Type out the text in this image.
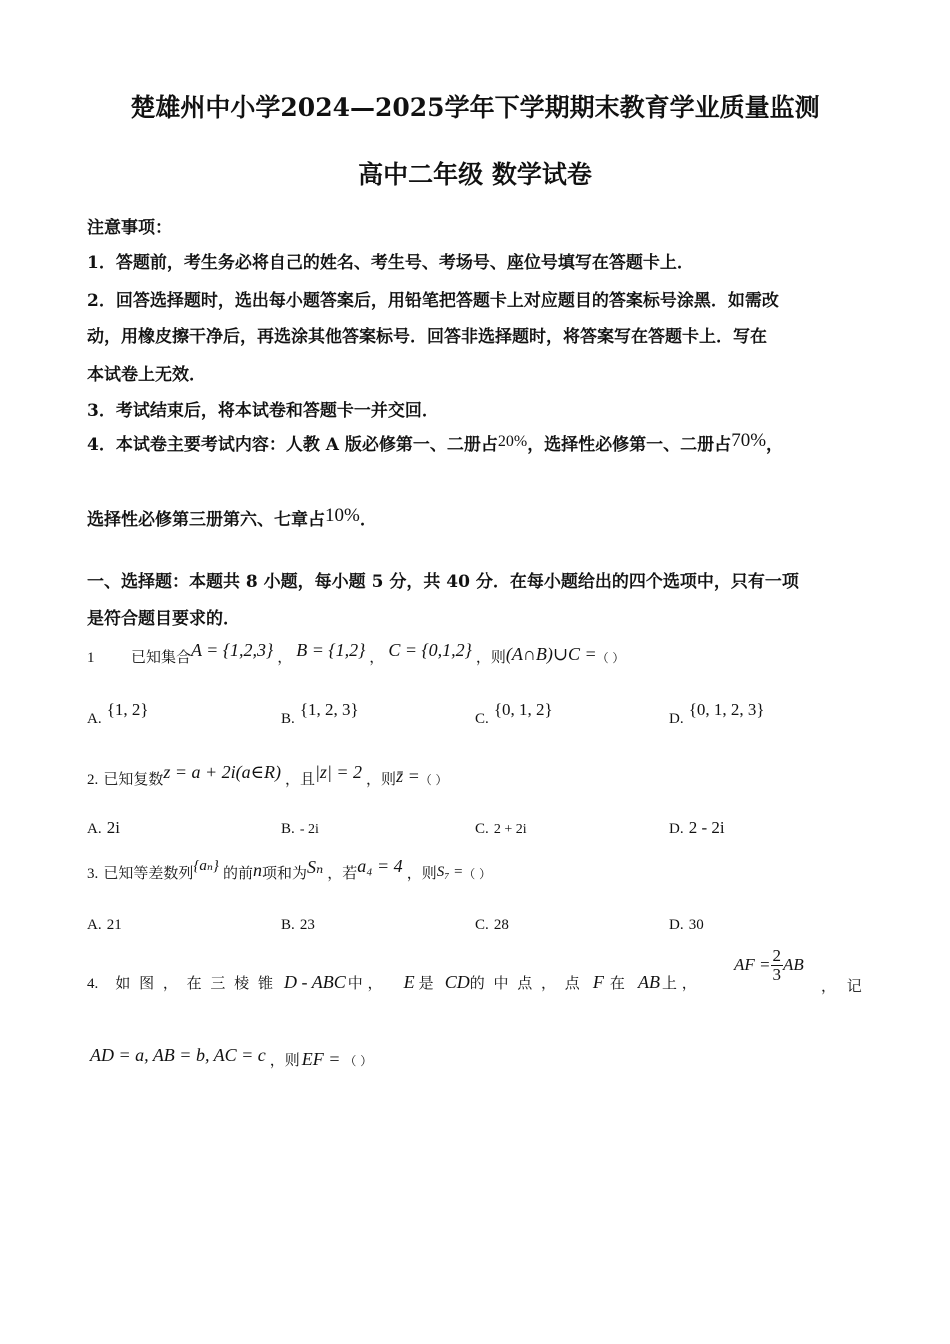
楚雄州中小学2024—2025学年下学期期末教育学业质量监测
高中二年级 数学试卷
注意事项：
1．答题前，考生务必将自己的姓名、考生号、考场号、座位号填写在答题卡上．
2．回答选择题时，选出每小题答案后，用铅笔把答题卡上对应题目的答案标号涂黑．如需改
动，用橡皮擦干净后，再选涂其他答案标号．回答非选择题时，将答案写在答题卡上．写在
本试卷上无效．
3．考试结束后，将本试卷和答题卡一并交回．
4．本试卷主要考试内容：人教 A 版必修第一、二册占20%，选择性必修第一、二册占70%，
选择性必修第三册第六、七章占10%．
一、选择题：本题共 8 小题，每小题 5 分，共 40 分．在每小题给出的四个选项中，只有一项
是符合题目要求的．
1 已知集合A = {1,2,3} ， B = {1,2} ， C = {0,1,2} ，则(A∩B)∪C =（ ）
A. {1, 2}	B. {1, 2, 3}	C. {0, 1, 2}	D. {0, 1, 2, 3}
2. 已知复数z = a + 2i(a∈R) ，且|z| = 2 ，则z̄ =（ ）
A. 2i	B. - 2i	C. 2 + 2i	D. 2 - 2i
3. 已知等差数列{aₙ} 的前n项和为Sₙ ，若a₄ = 4 ，则S₇ =（ ）
A. 21	B. 23	C. 28	D. 30
4. 如 图 ， 在 三 棱 锥 D - ABC 中 ， E 是 CD的 中 点 ， 点 F 在 AB 上 ，
AF = $\frac{2}{3}$ AB
， 记
AD = a, AB = b, AC = c ，则 EF = （ ）
